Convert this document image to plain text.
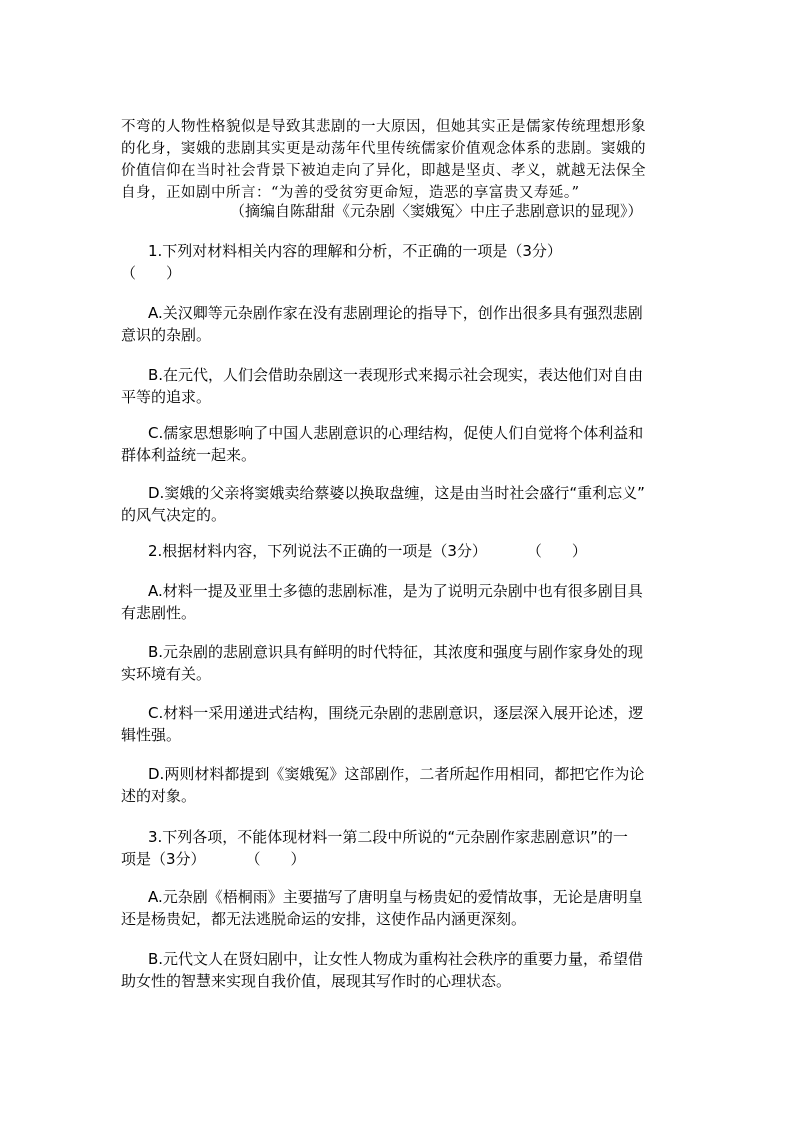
不弯的人物性格貌似是导致其悲剧的一大原因，但她其实正是儒家传统理想形象

的化身，窦娥的悲剧其实更是动荡年代里传统儒家价值观念体系的悲剧。窦娥的

价值信仰在当时社会背景下被迫走向了异化，即越是坚贞、孝义，就越无法保全

自身，正如剧中所言：“为善的受贫穷更命短，造恶的享富贵又寿延。”

（摘编自陈甜甜《元杂剧〈窦娥冤〉中庄子悲剧意识的显现》）

1.下列对材料相关内容的理解和分析，不正确的一项是（3分）

（　　）

A.关汉卿等元杂剧作家在没有悲剧理论的指导下，创作出很多具有强烈悲剧

意识的杂剧。

B.在元代，人们会借助杂剧这一表现形式来揭示社会现实，表达他们对自由

平等的追求。

C.儒家思想影响了中国人悲剧意识的心理结构，促使人们自觉将个体利益和

群体利益统一起来。

D.窦娥的父亲将窦娥卖给蔡婆以换取盘缠，这是由当时社会盛行“重利忘义”

的风气决定的。

2.根据材料内容，下列说法不正确的一项是（3分）	（　　）

A.材料一提及亚里士多德的悲剧标准，是为了说明元杂剧中也有很多剧目具

有悲剧性。

B.元杂剧的悲剧意识具有鲜明的时代特征，其浓度和强度与剧作家身处的现

实环境有关。

C.材料一采用递进式结构，围绕元杂剧的悲剧意识，逐层深入展开论述，逻

辑性强。

D.两则材料都提到《窦娥冤》这部剧作，二者所起作用相同，都把它作为论

述的对象。

3.下列各项，不能体现材料一第二段中所说的“元杂剧作家悲剧意识”的一

项是（3分）	（　　）

A.元杂剧《梧桐雨》主要描写了唐明皇与杨贵妃的爱情故事，无论是唐明皇

还是杨贵妃，都无法逃脱命运的安排，这使作品内涵更深刻。

B.元代文人在贤妇剧中，让女性人物成为重构社会秩序的重要力量，希望借

助女性的智慧来实现自我价值，展现其写作时的心理状态。
